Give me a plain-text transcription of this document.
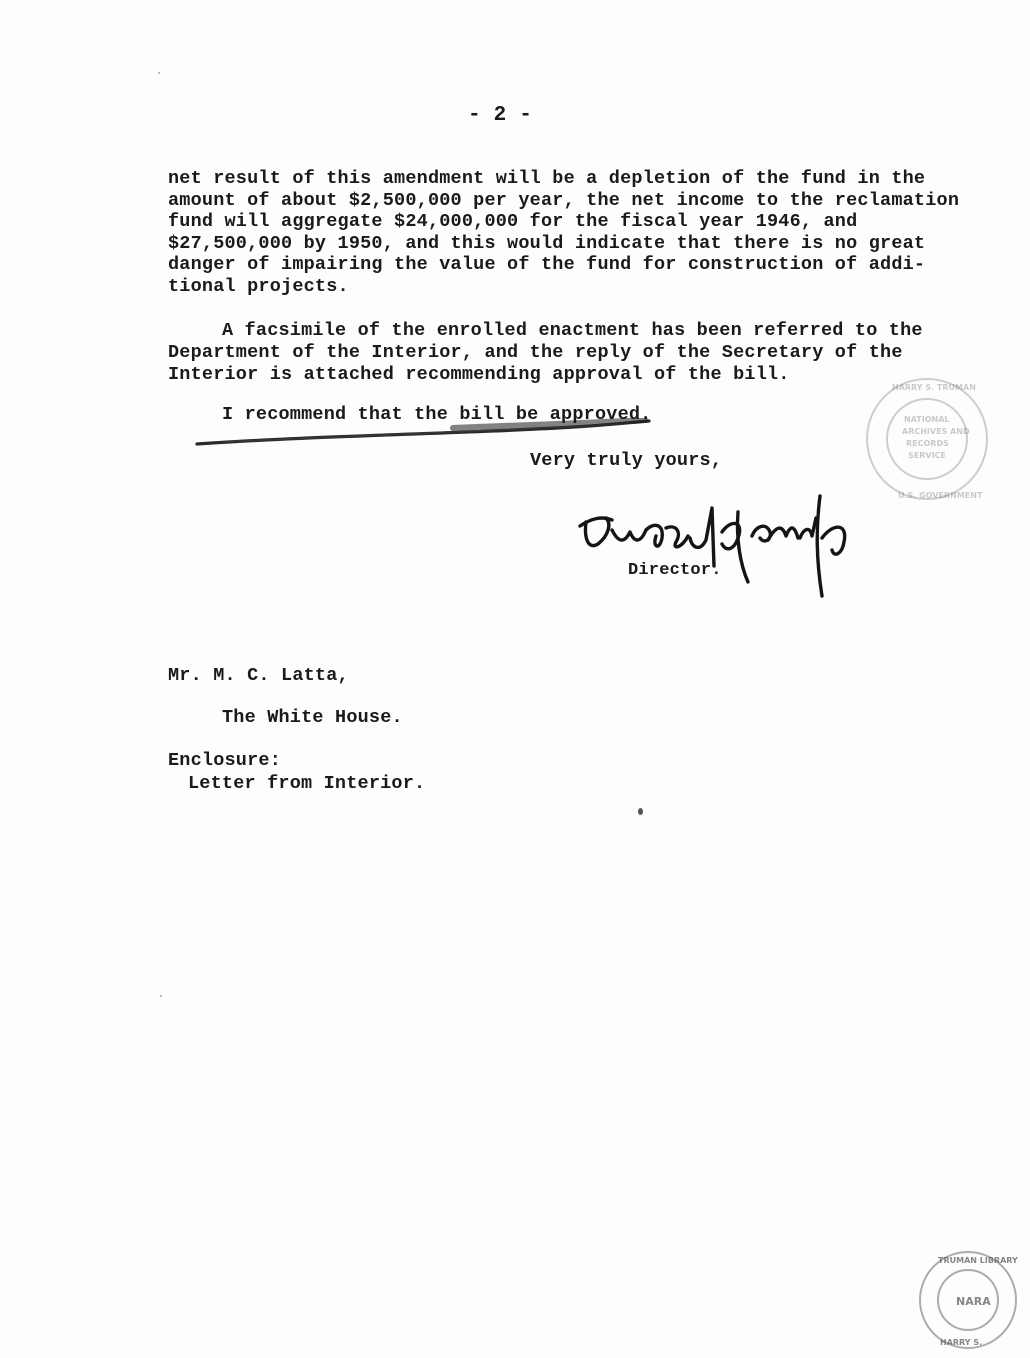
- 2 -
net result of this amendment will be a depletion of the fund in the
amount of about $2,500,000 per year, the net income to the reclamation
fund will aggregate $24,000,000 for the fiscal year 1946, and
$27,500,000 by 1950, and this would indicate that there is no great
danger of impairing the value of the fund for construction of addi-
tional projects.
A facsimile of the enrolled enactment has been referred to the
Department of the Interior, and the reply of the Secretary of the
Interior is attached recommending approval of the bill.
I recommend that the bill be approved.
Very truly yours,
Director.
Mr. M. C. Latta,
The White House.
Enclosure:
Letter from Interior.
NATIONAL
ARCHIVES AND
RECORDS
SERVICE
HARRY S. TRUMAN
U.S. GOVERNMENT
NARA
TRUMAN LIBRARY
HARRY S.
